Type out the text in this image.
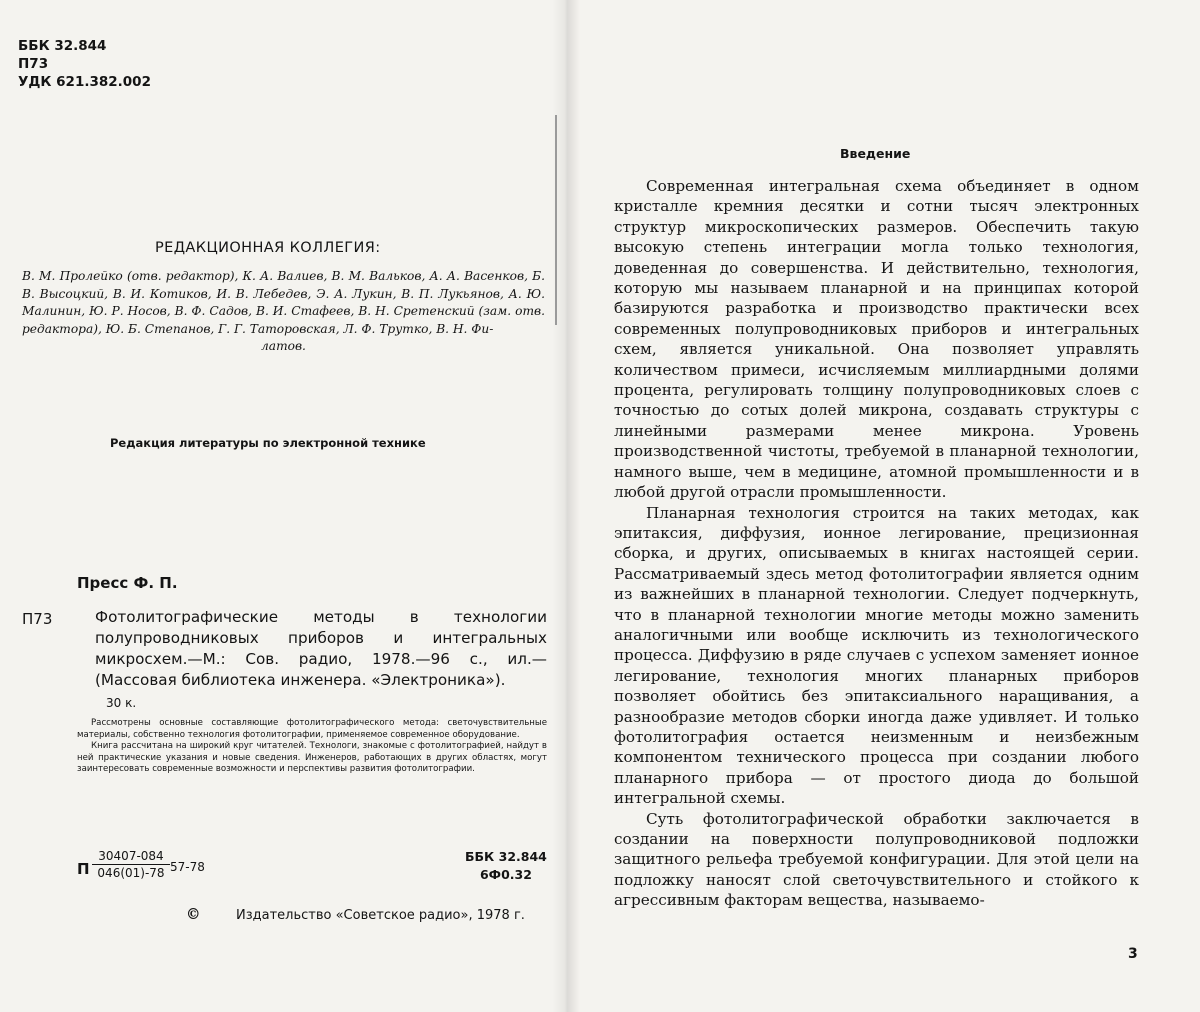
ББК 32.844
П73
УДК 621.382.002
РЕДАКЦИОННАЯ КОЛЛЕГИЯ:
В. М. Пролейко (отв. редактор), К. А. Валиев, В. М. Вальков, А. А. Васенков, Б. В. Высоцкий, В. И. Котиков, И. В. Лебедев, Э. А. Лукин, В. П. Лукьянов, А. Ю. Малинин, Ю. Р. Носов, В. Ф. Садов, В. И. Стафеев, В. Н. Сретенский (зам. отв. редактора), Ю. Б. Степанов, Г. Г. Таторовская, Л. Ф. Трутко, В. Н. Фи-
латов.
Редакция литературы по электронной технике
Пресс Ф. П.
П73	Фотолитографические методы в технологии полупроводниковых приборов и интегральных микросхем.—М.: Сов. радио, 1978.—96 с., ил.— (Массовая библиотека инженера. «Электроника»).
30 к.

Рассмотрены основные составляющие фотолитографического метода: светочувствительные материалы, собственно технология фотолитографии, применяемое современное оборудование.

Книга рассчитана на широкий круг читателей. Технологи, знакомые с фотолитографией, найдут в ней практические указания и новые сведения. Инженеров, работающих в других областях, могут заинтересовать современные возможности и перспективы развития фотолитографии.

П
30407-084
046(01)-78 57-78
ББК 32.844
6Ф0.32
©	Издательство «Советское радио», 1978 г.
Введение

Современная интегральная схема объединяет в одном кристалле кремния десятки и сотни тысяч электронных структур микроскопических размеров. Обеспечить такую высокую степень интеграции могла только технология, доведенная до совершенства. И действительно, технология, которую мы называем планарной и на принципах которой базируются разработка и производство практически всех современных полупроводниковых приборов и интегральных схем, является уникальной. Она позволяет управлять количеством примеси, исчисляемым миллиардными долями процента, регулировать толщину полупроводниковых слоев с точностью до сотых долей микрона, создавать структуры с линейными размерами менее микрона. Уровень производственной чистоты, требуемой в планарной технологии, намного выше, чем в медицине, атомной промышленности и в любой другой отрасли промышленности.

Планарная технология строится на таких методах, как эпитаксия, диффузия, ионное легирование, прецизионная сборка, и других, описываемых в книгах настоящей серии. Рассматриваемый здесь метод фотолитографии является одним из важнейших в планарной технологии. Следует подчеркнуть, что в планарной технологии многие методы можно заменить аналогичными или вообще исключить из технологического процесса. Диффузию в ряде случаев с успехом заменяет ионное легирование, технология многих планарных приборов позволяет обойтись без эпитаксиального наращивания, а разнообразие методов сборки иногда даже удивляет. И только фотолитография остается неизменным и неизбежным компонентом технического процесса при создании любого планарного прибора — от простого диода до большой интегральной схемы.

Суть фотолитографической обработки заключается в создании на поверхности полупроводниковой подложки защитного рельефа требуемой конфигурации. Для этой цели на подложку наносят слой светочувствительного и стойкого к агрессивным факторам вещества, называемо-

3
